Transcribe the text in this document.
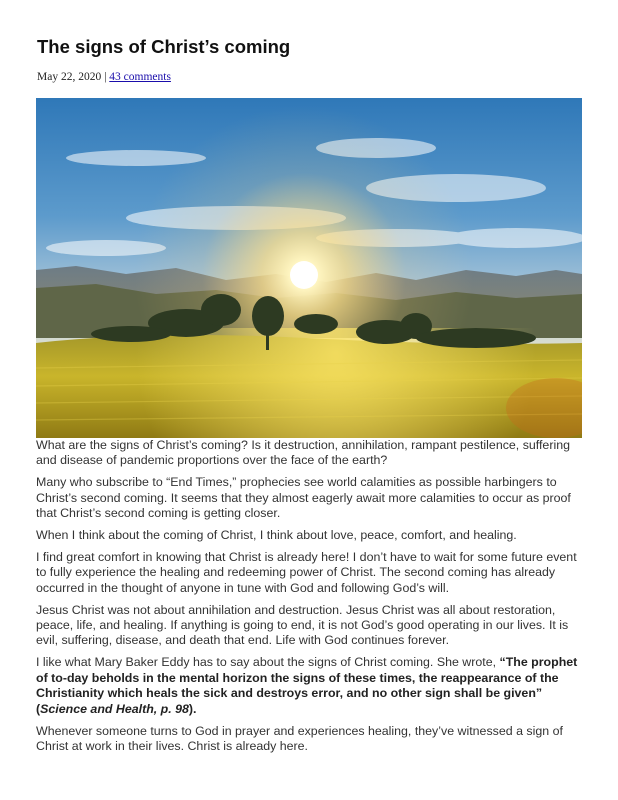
The signs of Christ’s coming
May 22, 2020 | 43 comments

What are the signs of Christ’s coming? Is it destruction, annihilation, rampant pestilence, suffering and disease of pandemic proportions over the face of the earth?

Many who subscribe to “End Times,” prophecies see world calamities as possible harbingers to Christ’s second coming. It seems that they almost eagerly await more calamities to occur as proof that Christ’s second coming is getting closer.

When I think about the coming of Christ, I think about love, peace, comfort, and healing.

I find great comfort in knowing that Christ is already here! I don’t have to wait for some future event to fully experience the healing and redeeming power of Christ. The second coming has already occurred in the thought of anyone in tune with God and following God’s will.

Jesus Christ was not about annihilation and destruction. Jesus Christ was all about restoration, peace, life, and healing. If anything is going to end, it is not God’s good operating in our lives. It is evil, suffering, disease, and death that end. Life with God continues forever.

I like what Mary Baker Eddy has to say about the signs of Christ coming. She wrote, “The prophet of to-day beholds in the mental horizon the signs of these times, the reappearance of the Christianity which heals the sick and destroys error, and no other sign shall be given” (Science and Health, p. 98).

Whenever someone turns to God in prayer and experiences healing, they’ve witnessed a sign of Christ at work in their lives. Christ is already here.
